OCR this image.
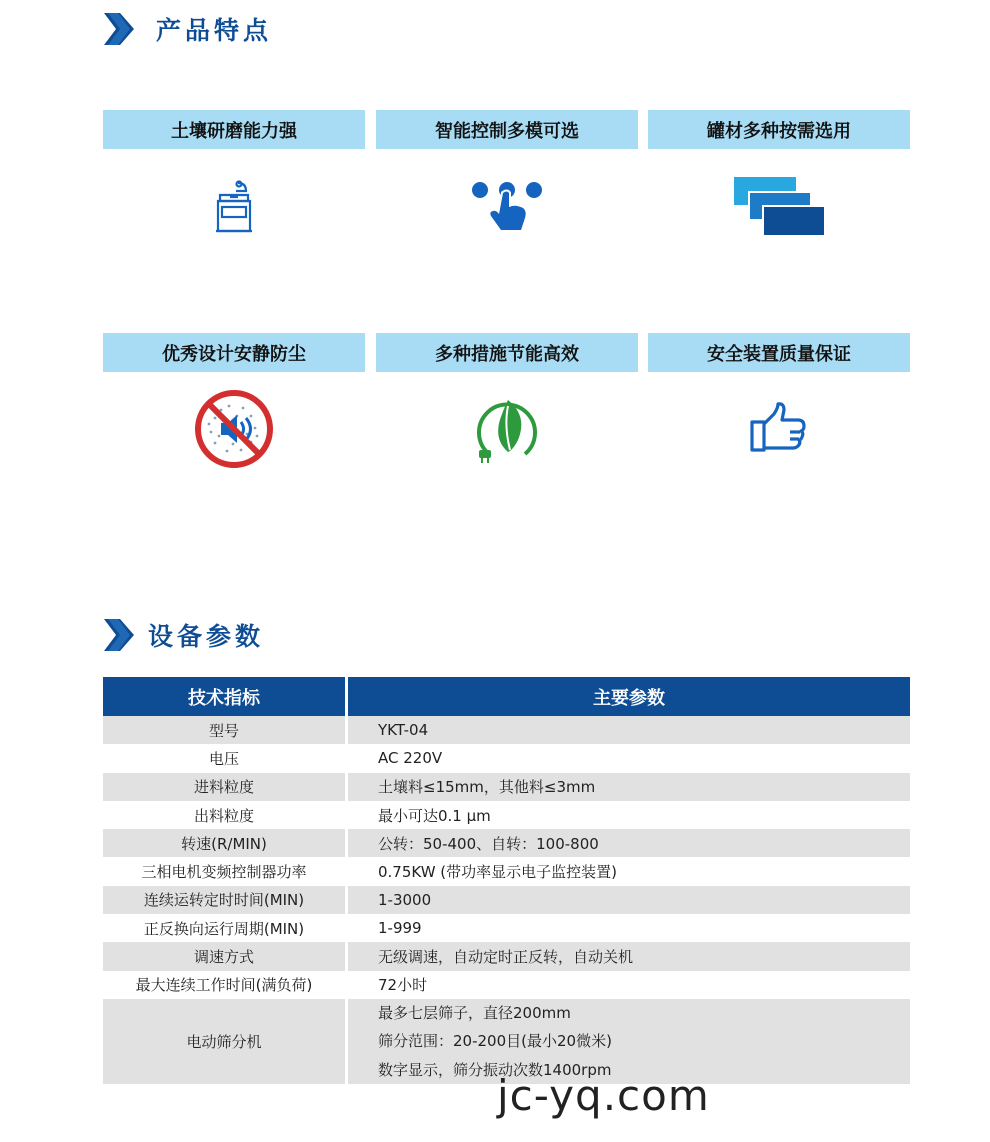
产品特点
土壤研磨能力强	智能控制多模可选	罐材多种按需选用
优秀设计安静防尘	多种措施节能高效	安全装置质量保证
设备参数
技术指标	主要参数
型号	YKT-04
电压	AC 220V
进料粒度	土壤料≤15mm，其他料≤3mm
出料粒度	最小可达0.1 μm
转速(R/MIN)	公转：50-400、自转：100-800
三相电机变频控制器功率	0.75KW (带功率显示电子监控装置)
连续运转定时时间(MIN)	1-3000
正反换向运行周期(MIN)	1-999
调速方式	无级调速，自动定时正反转，自动关机
最大连续工作时间(满负荷)	72小时
电动筛分机	最多七层筛子，直径200mm
筛分范围：20-200目(最小20微米)
数字显示，筛分振动次数1400rpm
jc-yq.com
